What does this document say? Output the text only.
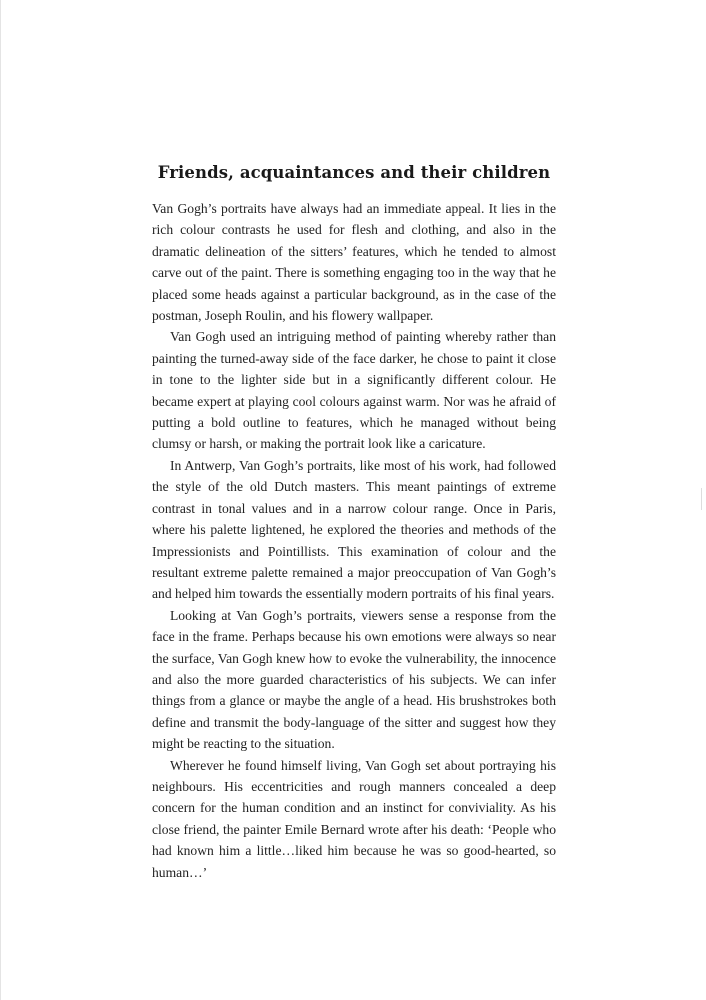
Friends, acquaintances and their children

Van Gogh’s portraits have always had an immediate appeal. It lies in the rich colour contrasts he used for flesh and clothing, and also in the dramatic delineation of the sitters’ features, which he tended to almost carve out of the paint. There is something engaging too in the way that he placed some heads against a particular background, as in the case of the postman, Joseph Roulin, and his flowery wallpaper.

Van Gogh used an intriguing method of painting whereby rather than painting the turned-away side of the face darker, he chose to paint it close in tone to the lighter side but in a significantly different colour. He became expert at playing cool colours against warm. Nor was he afraid of putting a bold outline to features, which he managed without being clumsy or harsh, or making the portrait look like a caricature.

In Antwerp, Van Gogh’s portraits, like most of his work, had followed the style of the old Dutch masters. This meant paintings of extreme contrast in tonal values and in a narrow colour range. Once in Paris, where his palette lightened, he explored the theories and methods of the Impressionists and Pointillists. This examination of colour and the resultant extreme palette remained a major preoccupation of Van Gogh’s and helped him towards the essentially modern portraits of his final years.

Looking at Van Gogh’s portraits, viewers sense a response from the face in the frame. Perhaps because his own emotions were always so near the surface, Van Gogh knew how to evoke the vulnerability, the innocence and also the more guarded characteristics of his subjects. We can infer things from a glance or maybe the angle of a head. His brushstrokes both define and transmit the body-language of the sitter and suggest how they might be reacting to the situation.

Wherever he found himself living, Van Gogh set about portraying his neighbours. His eccentricities and rough manners concealed a deep concern for the human condition and an instinct for conviviality. As his close friend, the painter Emile Bernard wrote after his death: ‘People who had known him a little…liked him because he was so good-hearted, so human…’
